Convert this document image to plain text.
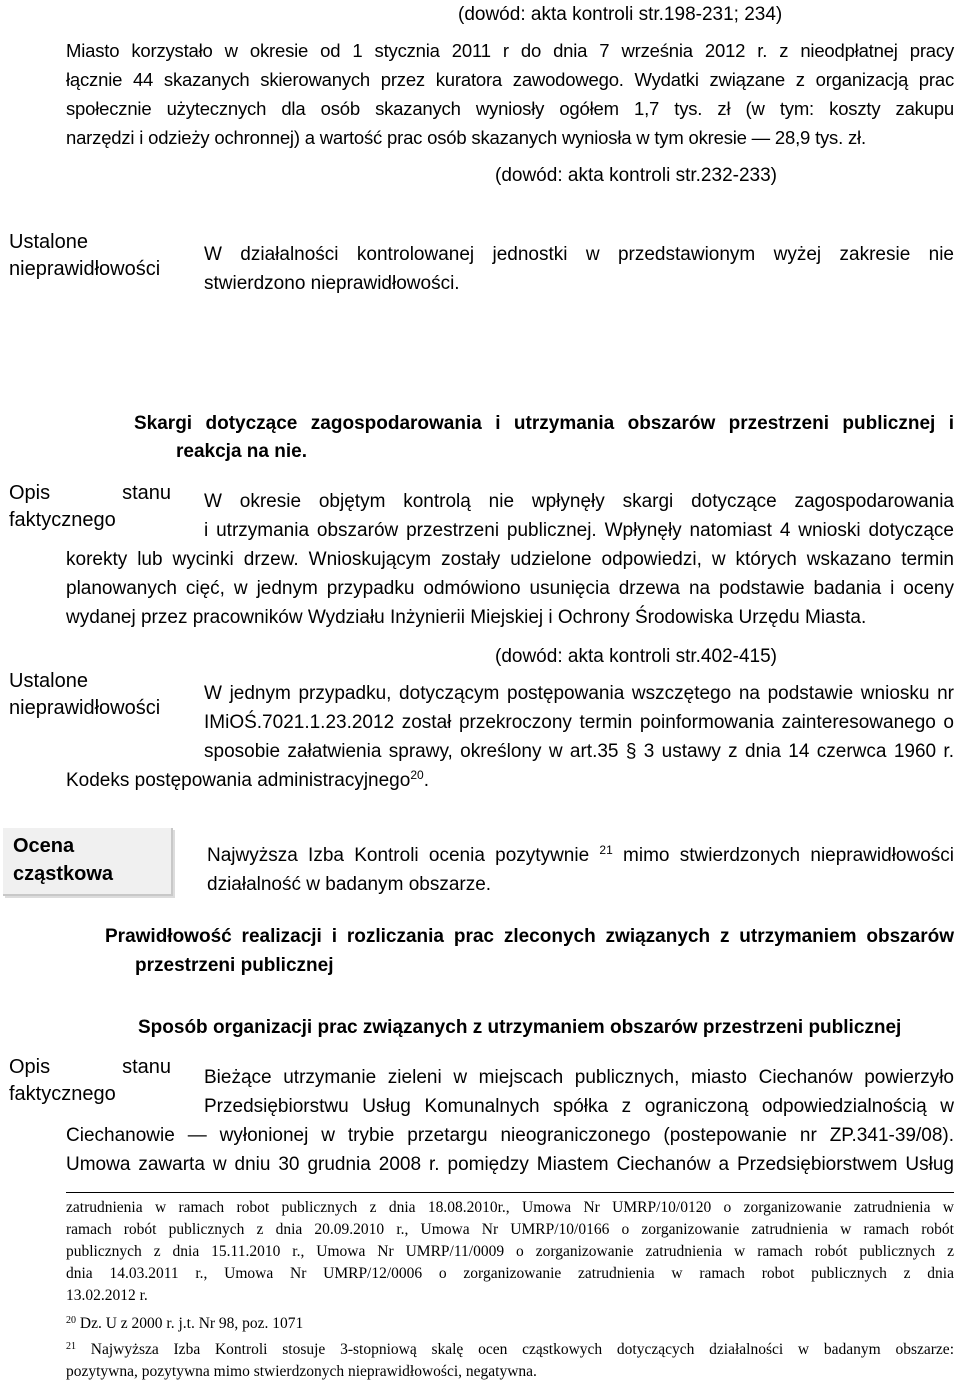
(dowód: akta kontroli str.198-231; 234)
Miasto korzystało w okresie od 1 stycznia 2011 r do dnia 7 września 2012 r. z nieodpłatnej pracy
łącznie 44 skazanych skierowanych przez kuratora zawodowego. Wydatki związane z organizacją prac
społecznie użytecznych dla osób skazanych wyniosły ogółem 1,7 tys. zł (w tym: koszty zakupu
narzędzi i odzieży ochronnej) a wartość prac osób skazanych wyniosła w tym okresie — 28,9 tys. zł.
(dowód: akta kontroli str.232-233)
Ustalone
nieprawidłowości
W działalności kontrolowanej jednostki w przedstawionym wyżej zakresie nie
stwierdzono nieprawidłowości.
Skargi dotyczące zagospodarowania i utrzymania obszarów przestrzeni publicznej i
reakcja na nie.
Opis	stanu
faktycznego
W okresie objętym kontrolą nie wpłynęły skargi dotyczące zagospodarowania
i utrzymania obszarów przestrzeni publicznej. Wpłynęły natomiast 4 wnioski dotyczące
korekty lub wycinki drzew. Wnioskującym zostały udzielone odpowiedzi, w których wskazano termin
planowanych cięć, w jednym przypadku odmówiono usunięcia drzewa na podstawie badania i oceny
wydanej przez pracowników Wydziału Inżynierii Miejskiej i Ochrony Środowiska Urzędu Miasta.
(dowód: akta kontroli str.402-415)
Ustalone
nieprawidłowości
W jednym przypadku, dotyczącym postępowania wszczętego na podstawie wniosku nr
IMiOŚ.7021.1.23.2012 został przekroczony termin poinformowania zainteresowanego o
sposobie załatwienia sprawy, określony w art.35 § 3 ustawy z dnia 14 czerwca 1960 r.
Kodeks postępowania administracyjnego$^{20}$.
Ocena
cząstkowa
Najwyższa Izba Kontroli ocenia pozytywnie $^{21}$ mimo stwierdzonych nieprawidłowości
działalność w badanym obszarze.
Prawidłowość realizacji i rozliczania prac zleconych związanych z utrzymaniem obszarów
przestrzeni publicznej
Sposób organizacji prac związanych z utrzymaniem obszarów przestrzeni publicznej
Opis	stanu
faktycznego
Bieżące utrzymanie zieleni w miejscach publicznych, miasto Ciechanów powierzyło
Przedsiębiorstwu Usług Komunalnych spółka z ograniczoną odpowiedzialnością w
Ciechanowie — wyłonionej w trybie przetargu nieograniczonego (postepowanie nr ZP.341-39/08).
Umowa zawarta w dniu 30 grudnia 2008 r. pomiędzy Miastem Ciechanów a Przedsiębiorstwem Usług
zatrudnienia w ramach robot publicznych z dnia 18.08.2010r., Umowa Nr UMRP/10/0120 o zorganizowanie zatrudnienia w
ramach robót publicznych z dnia 20.09.2010 r., Umowa Nr UMRP/10/0166 o zorganizowanie zatrudnienia w ramach robót
publicznych z dnia 15.11.2010 r., Umowa Nr UMRP/11/0009 o zorganizowanie zatrudnienia w ramach robót publicznych z
dnia 14.03.2011 r., Umowa Nr UMRP/12/0006 o zorganizowanie zatrudnienia w ramach robot publicznych z dnia
13.02.2012 r.
$^{20}$ Dz. U z 2000 r. j.t. Nr 98, poz. 1071
$^{21}$ Najwyższa Izba Kontroli stosuje 3-stopniową skalę ocen cząstkowych dotyczących działalności w badanym obszarze:
pozytywna, pozytywna mimo stwierdzonych nieprawidłowości, negatywna.
